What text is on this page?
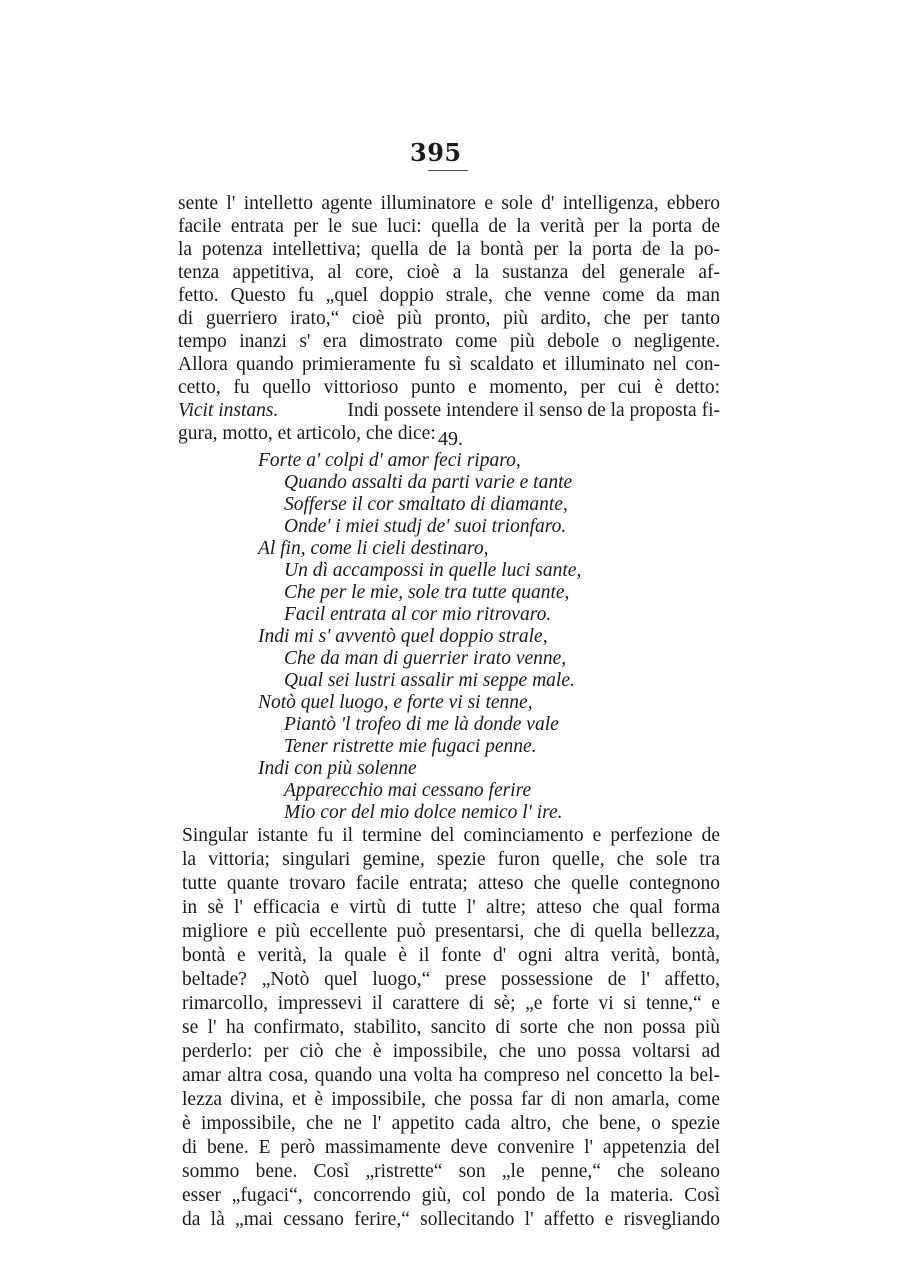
395
sente l' intelletto agente illuminatore e sole d' intelligenza, ebbero
facile entrata per le sue luci: quella de la verità per la porta de
la potenza intellettiva; quella de la bontà per la porta de la po-
tenza appetitiva, al core, cioè a la sustanza del generale af-
fetto. Questo fu „quel doppio strale, che venne come da man
di guerriero irato,“ cioè più pronto, più ardito, che per tanto
tempo inanzi s' era dimostrato come più debole o negligente.
Allora quando primieramente fu sì scaldato et illuminato nel con-
cetto, fu quello vittorioso punto e momento, per cui è detto:
Vicit instans.	Indi possete intendere il senso de la proposta fi-
gura, motto, et articolo, che dice: 49.
Forte a' colpi d' amor feci riparo,
Quando assalti da parti varie e tante
Sofferse il cor smaltato di diamante,
Onde' i miei studj de' suoi trionfaro.
Al fin, come li cieli destinaro,
Un dì accampossi in quelle luci sante,
Che per le mie, sole tra tutte quante,
Facil entrata al cor mio ritrovaro.
Indi mi s' avventò quel doppio strale,
Che da man di guerrier irato venne,
Qual sei lustri assalir mi seppe male.
Notò quel luogo, e forte vi si tenne,
Piantò 'l trofeo di me là donde vale
Tener ristrette mie fugaci penne.
Indi con più solenne
Apparecchio mai cessano ferire
Mio cor del mio dolce nemico l' ire.
Singular istante fu il termine del cominciamento e perfezione de
la vittoria; singulari gemine, spezie furon quelle, che sole tra
tutte quante trovaro facile entrata; atteso che quelle contegnono
in sè l' efficacia e virtù di tutte l' altre; atteso che qual forma
migliore e più eccellente può presentarsi, che di quella bellezza,
bontà e verità, la quale è il fonte d' ogni altra verità, bontà,
beltade? „Notò quel luogo,“ prese possessione de l' affetto,
rimarcollo, impressevi il carattere di sè; „e forte vi si tenne,“ e
se l' ha confirmato, stabilito, sancito di sorte che non possa più
perderlo: per ciò che è impossibile, che uno possa voltarsi ad
amar altra cosa, quando una volta ha compreso nel concetto la bel-
lezza divina, et è impossibile, che possa far di non amarla, come
è impossibile, che ne l' appetito cada altro, che bene, o spezie
di bene. E però massimamente deve convenire l' appetenzia del
sommo bene. Così „ristrette“ son „le penne,“ che soleano
esser „fugaci“, concorrendo giù, col pondo de la materia. Così
da là „mai cessano ferire,“ sollecitando l' affetto e risvegliando
